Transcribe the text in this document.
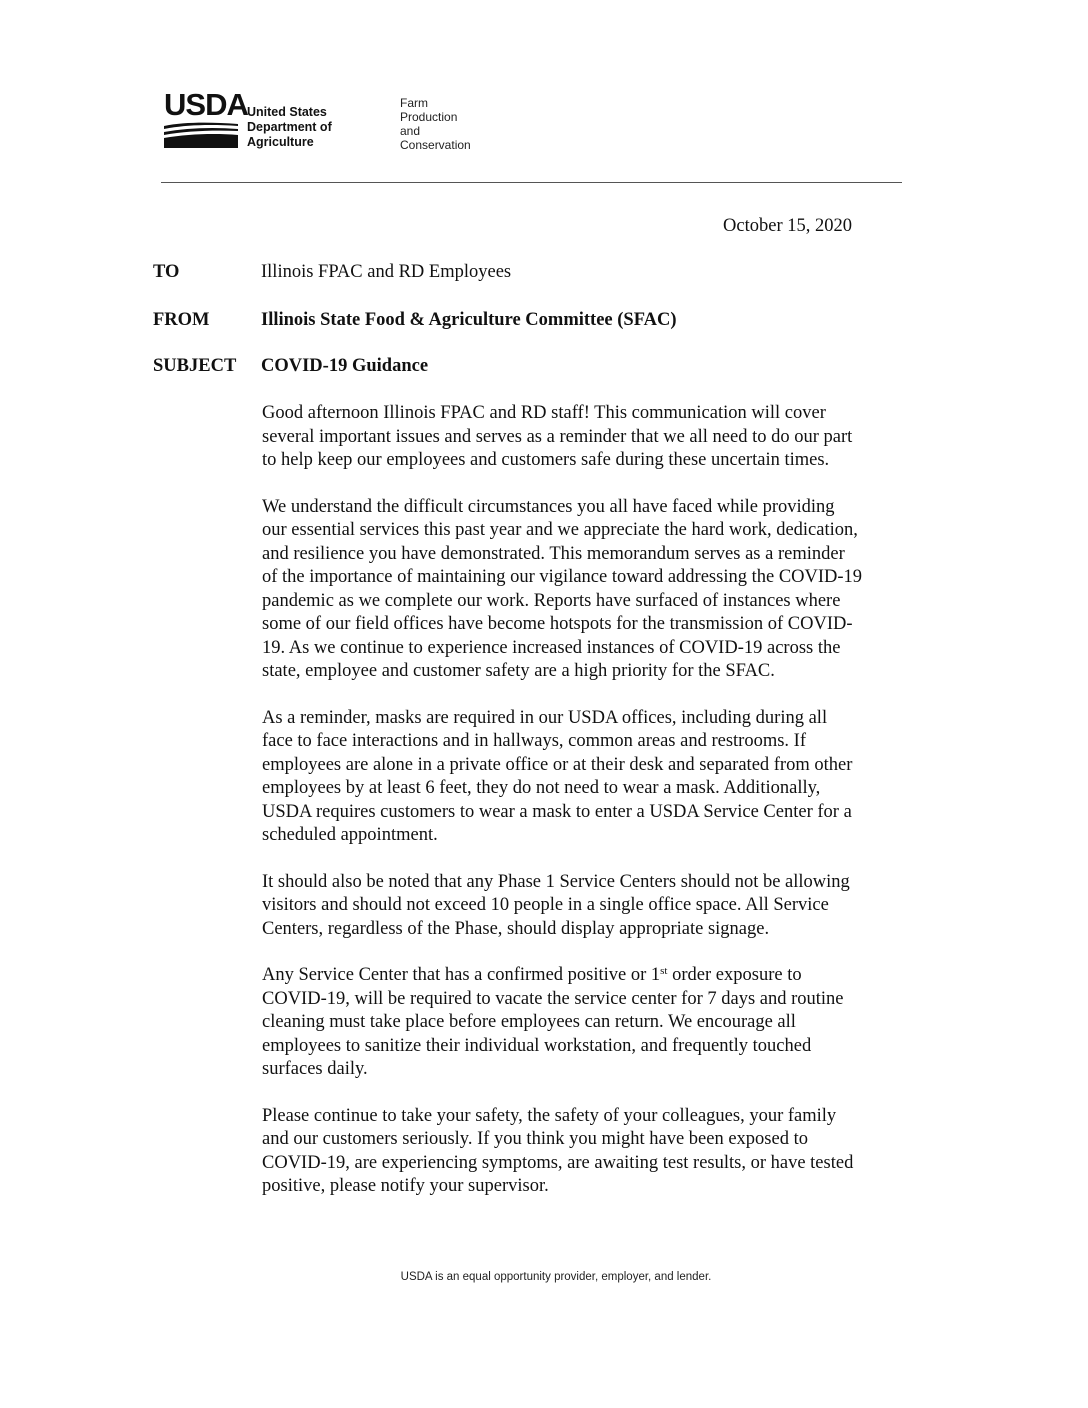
USDA United States
Department of
Agriculture
Farm
Production
and
Conservation
October 15, 2020
TO	Illinois FPAC and RD Employees
FROM	Illinois State Food & Agriculture Committee (SFAC)
SUBJECT COVID-19 Guidance

Good afternoon Illinois FPAC and RD staff! This communication will cover
several important issues and serves as a reminder that we all need to do our part
to help keep our employees and customers safe during these uncertain times.

We understand the difficult circumstances you all have faced while providing
our essential services this past year and we appreciate the hard work, dedication,
and resilience you have demonstrated. This memorandum serves as a reminder
of the importance of maintaining our vigilance toward addressing the COVID-19
pandemic as we complete our work. Reports have surfaced of instances where
some of our field offices have become hotspots for the transmission of COVID-
19. As we continue to experience increased instances of COVID-19 across the
state, employee and customer safety are a high priority for the SFAC.

As a reminder, masks are required in our USDA offices, including during all
face to face interactions and in hallways, common areas and restrooms. If
employees are alone in a private office or at their desk and separated from other
employees by at least 6 feet, they do not need to wear a mask. Additionally,
USDA requires customers to wear a mask to enter a USDA Service Center for a
scheduled appointment.

It should also be noted that any Phase 1 Service Centers should not be allowing
visitors and should not exceed 10 people in a single office space. All Service
Centers, regardless of the Phase, should display appropriate signage.

Any Service Center that has a confirmed positive or 1st order exposure to
COVID-19, will be required to vacate the service center for 7 days and routine
cleaning must take place before employees can return. We encourage all
employees to sanitize their individual workstation, and frequently touched
surfaces daily.

Please continue to take your safety, the safety of your colleagues, your family
and our customers seriously. If you think you might have been exposed to
COVID-19, are experiencing symptoms, are awaiting test results, or have tested
positive, please notify your supervisor.

USDA is an equal opportunity provider, employer, and lender.
